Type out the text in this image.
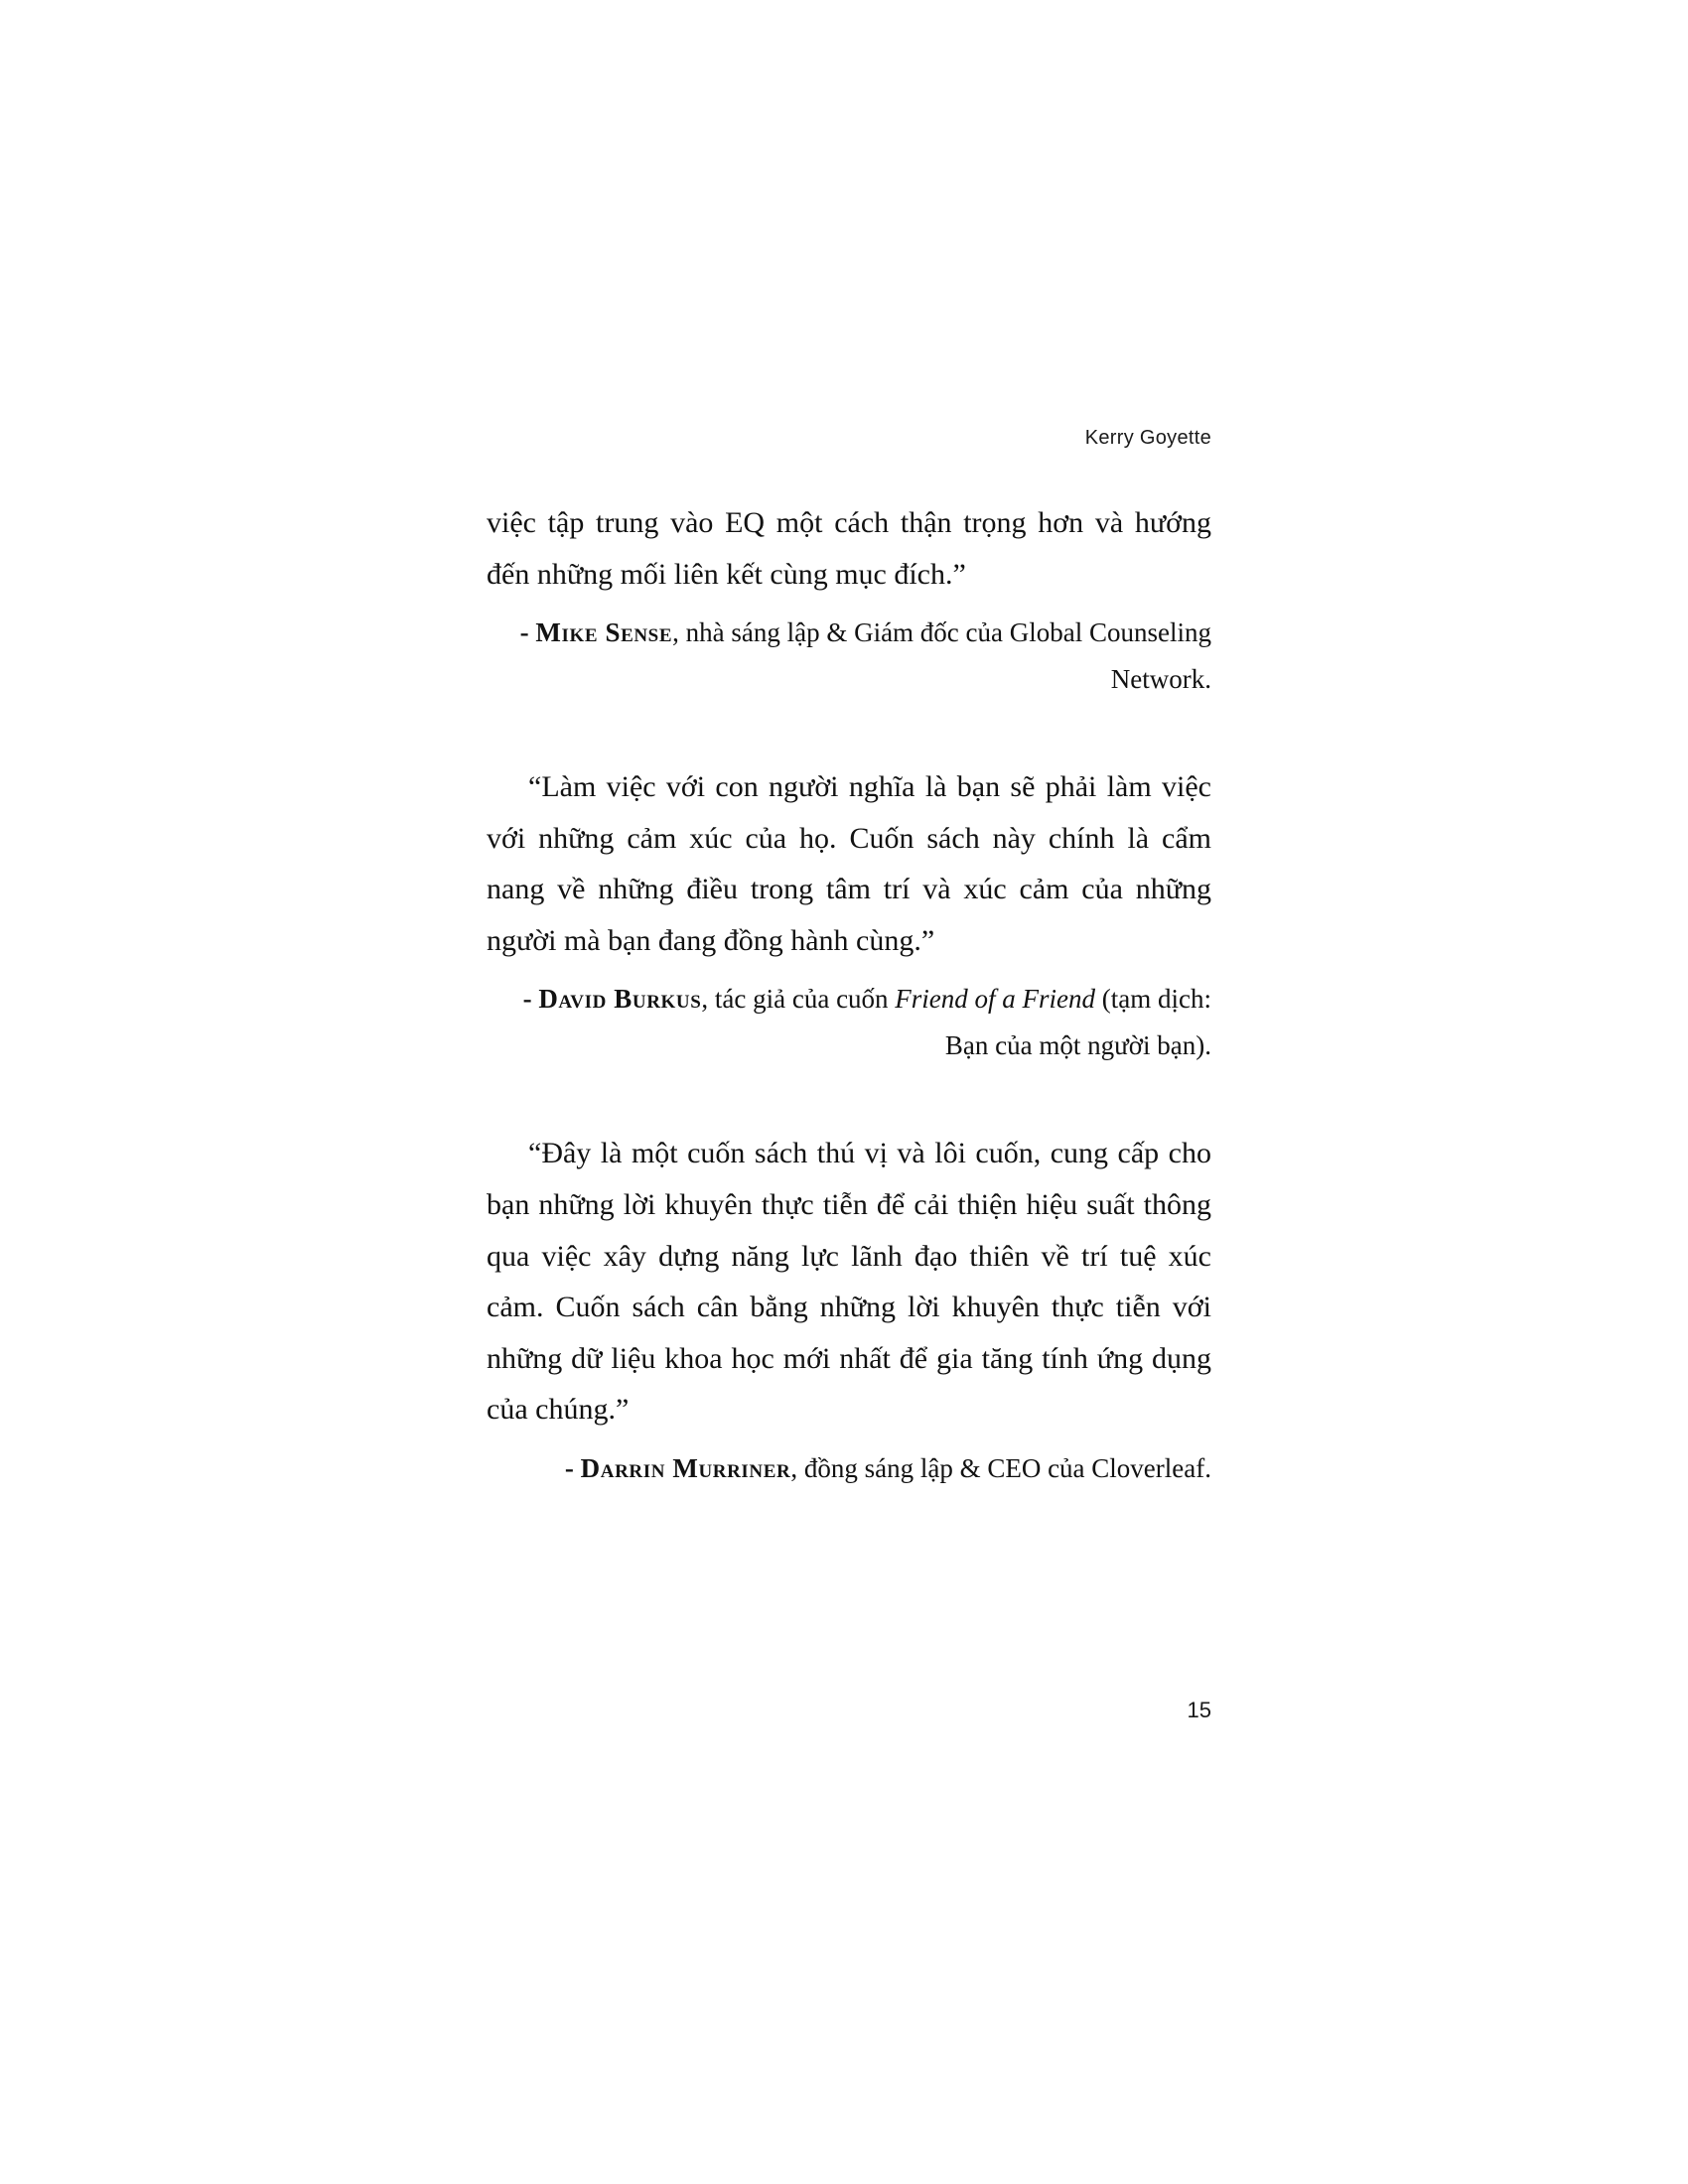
Kerry Goyette

việc tập trung vào EQ một cách thận trọng hơn và hướng đến những mối liên kết cùng mục đích.”

- Mike Sense, nhà sáng lập & Giám đốc của Global Counseling Network.

“Làm việc với con người nghĩa là bạn sẽ phải làm việc với những cảm xúc của họ. Cuốn sách này chính là cẩm nang về những điều trong tâm trí và xúc cảm của những người mà bạn đang đồng hành cùng.”

- David Burkus, tác giả của cuốn Friend of a Friend (tạm dịch: Bạn của một người bạn).

“Đây là một cuốn sách thú vị và lôi cuốn, cung cấp cho bạn những lời khuyên thực tiễn để cải thiện hiệu suất thông qua việc xây dựng năng lực lãnh đạo thiên về trí tuệ xúc cảm. Cuốn sách cân bằng những lời khuyên thực tiễn với những dữ liệu khoa học mới nhất để gia tăng tính ứng dụng của chúng.”

- Darrin Murriner, đồng sáng lập & CEO của Cloverleaf.

15
